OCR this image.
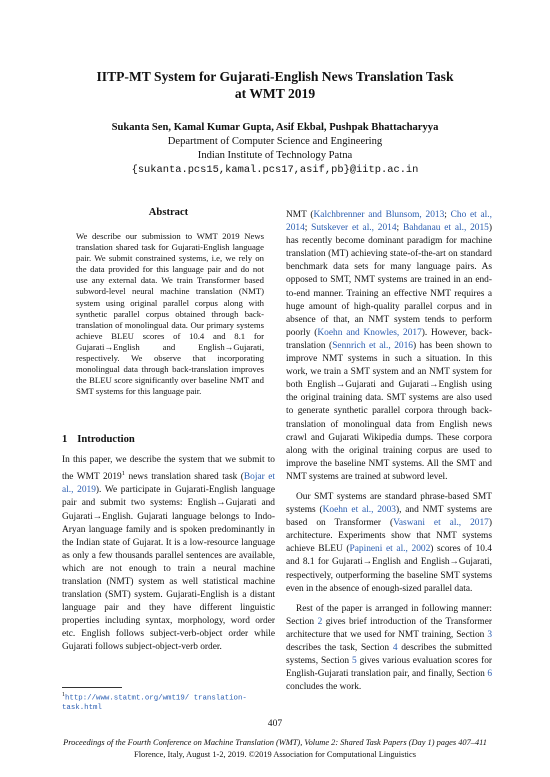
IITP-MT System for Gujarati-English News Translation Task
at WMT 2019
Sukanta Sen, Kamal Kumar Gupta, Asif Ekbal, Pushpak Bhattacharyya
Department of Computer Science and Engineering
Indian Institute of Technology Patna
{sukanta.pcs15,kamal.pcs17,asif,pb}@iitp.ac.in
Abstract
We describe our submission to WMT 2019 News translation shared task for Gujarati-English language pair. We submit constrained systems, i.e, we rely on the data provided for this language pair and do not use any external data. We train Transformer based subword-level neural machine translation (NMT) system using original parallel corpus along with synthetic parallel corpus obtained through back-translation of monolingual data. Our primary systems achieve BLEU scores of 10.4 and 8.1 for Gujarati→English and English→Gujarati, respectively. We observe that incorporating monolingual data through back-translation improves the BLEU score significantly over baseline NMT and SMT systems for this language pair.
1 Introduction
In this paper, we describe the system that we submit to the WMT 2019$^1$ news translation shared task (Bojar et al., 2019). We participate in Gujarati-English language pair and submit two systems: English→Gujarati and Gujarati→English. Gujarati language belongs to Indo-Aryan language family and is spoken predominantly in the Indian state of Gujarat. It is a low-resource language as only a few thousands parallel sentences are available, which are not enough to train a neural machine translation (NMT) system as well statistical machine translation (SMT) system. Gujarati-English is a distant language pair and they have different linguistic properties including syntax, morphology, word order etc. English follows subject-verb-object order while Gujarati follows subject-object-verb order.

NMT (Kalchbrenner and Blunsom, 2013; Cho et al., 2014; Sutskever et al., 2014; Bahdanau et al., 2015) has recently become dominant paradigm for machine translation (MT) achieving state-of-the-art on standard benchmark data sets for many language pairs. As opposed to SMT, NMT systems are trained in an end-to-end manner. Training an effective NMT requires a huge amount of high-quality parallel corpus and in absence of that, an NMT system tends to perform poorly (Koehn and Knowles, 2017). However, back-translation (Sennrich et al., 2016) has been shown to improve NMT systems in such a situation. In this work, we train a SMT system and an NMT system for both English→Gujarati and Gujarati→English using the original training data. SMT systems are also used to generate synthetic parallel corpora through back-translation of monolingual data from English news crawl and Gujarati Wikipedia dumps. These corpora along with the original training corpus are used to improve the baseline NMT systems. All the SMT and NMT systems are trained at subword level.

Our SMT systems are standard phrase-based SMT systems (Koehn et al., 2003), and NMT systems are based on Transformer (Vaswani et al., 2017) architecture. Experiments show that NMT systems achieve BLEU (Papineni et al., 2002) scores of 10.4 and 8.1 for Gujarati→English and English→Gujarati, respectively, outperforming the baseline SMT systems even in the absence of enough-sized parallel data.

Rest of the paper is arranged in following manner: Section 2 gives brief introduction of the Transformer architecture that we used for NMT training, Section 3 describes the task, Section 4 describes the submitted systems, Section 5 gives various evaluation scores for English-Gujarati translation pair, and finally, Section 6 concludes the work.

$^1$http://www.statmt.org/wmt19/ translation-task.html
407
Proceedings of the Fourth Conference on Machine Translation (WMT), Volume 2: Shared Task Papers (Day 1) pages 407–411
Florence, Italy, August 1-2, 2019. ©2019 Association for Computational Linguistics
